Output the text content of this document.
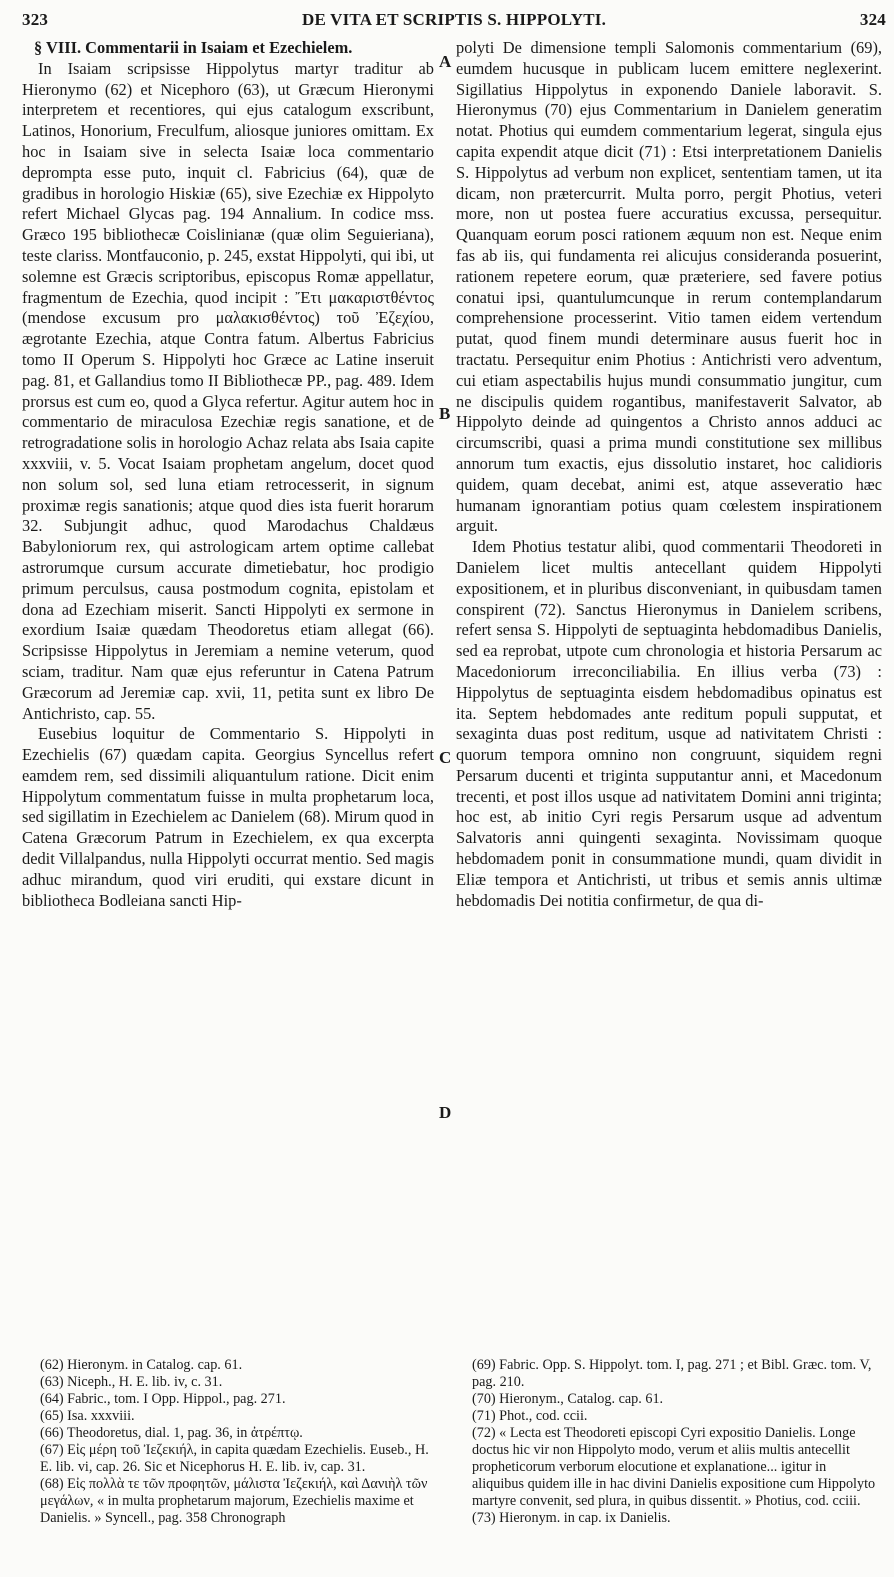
323	DE VITA ET SCRIPTIS S. HIPPOLYTI.	324
A
B
C
D

§ VIII. Commentarii in Isaiam et Ezechielem.

In Isaiam scripsisse Hippolytus martyr traditur ab Hieronymo (62) et Nicephoro (63), ut Græcum Hieronymi interpretem et recentiores, qui ejus catalogum exscribunt, Latinos, Honorium, Freculfum, aliosque juniores omittam. Ex hoc in Isaiam sive in selecta Isaiæ loca commentario deprompta esse puto, inquit cl. Fabricius (64), quæ de gradibus in horologio Hiskiæ (65), sive Ezechiæ ex Hippolyto refert Michael Glycas pag. 194 Annalium. In codice mss. Græco 195 bibliothecæ Coislinianæ (quæ olim Seguieriana), teste clariss. Montfauconio, p. 245, exstat Hippolyti, qui ibi, ut solemne est Græcis scriptoribus, episcopus Romæ appellatur, fragmentum de Ezechia, quod incipit : Ἔτι μακαριστθέντος (mendose excusum pro μαλακισθέντος) τοῦ Ἐζεχίου, ægrotante Ezechia, atque Contra fatum. Albertus Fabricius tomo II Operum S. Hippolyti hoc Græce ac Latine inseruit pag. 81, et Gallandius tomo II Bibliothecæ PP., pag. 489. Idem prorsus est cum eo, quod a Glyca refertur. Agitur autem hoc in commentario de miraculosa Ezechiæ regis sanatione, et de retrogradatione solis in horologio Achaz relata abs Isaia capite xxxviii, v. 5. Vocat Isaiam prophetam angelum, docet quod non solum sol, sed luna etiam retrocesserit, in signum proximæ regis sanationis; atque quod dies ista fuerit horarum 32. Subjungit adhuc, quod Marodachus Chaldæus Babyloniorum rex, qui astrologicam artem optime callebat astrorumque cursum accurate dimetiebatur, hoc prodigio primum perculsus, causa postmodum cognita, epistolam et dona ad Ezechiam miserit. Sancti Hippolyti ex sermone in exordium Isaiæ quædam Theodoretus etiam allegat (66). Scripsisse Hippolytus in Jeremiam a nemine veterum, quod sciam, traditur. Nam quæ ejus referuntur in Catena Patrum Græcorum ad Jeremiæ cap. xvii, 11, petita sunt ex libro De Antichristo, cap. 55.

Eusebius loquitur de Commentario S. Hippolyti in Ezechielis (67) quædam capita. Georgius Syncellus refert eamdem rem, sed dissimili aliquantulum ratione. Dicit enim Hippolytum commentatum fuisse in multa prophetarum loca, sed sigillatim in Ezechielem ac Danielem (68). Mirum quod in Catena Græcorum Patrum in Ezechielem, ex qua excerpta dedit Villalpandus, nulla Hippolyti occurrat mentio. Sed magis adhuc mirandum, quod viri eruditi, qui exstare dicunt in bibliotheca Bodleiana sancti Hip-

polyti De dimensione templi Salomonis commentarium (69), eumdem hucusque in publicam lucem emittere neglexerint. Sigillatius Hippolytus in exponendo Daniele laboravit. S. Hieronymus (70) ejus Commentarium in Danielem generatim notat. Photius qui eumdem commentarium legerat, singula ejus capita expendit atque dicit (71) : Etsi interpretationem Danielis S. Hippolytus ad verbum non explicet, sententiam tamen, ut ita dicam, non prætercurrit. Multa porro, pergit Photius, veteri more, non ut postea fuere accuratius excussa, persequitur. Quanquam eorum posci rationem æquum non est. Neque enim fas ab iis, qui fundamenta rei alicujus consideranda posuerint, rationem repetere eorum, quæ præteriere, sed favere potius conatui ipsi, quantulumcunque in rerum contemplandarum comprehensione processerint. Vitio tamen eidem vertendum putat, quod finem mundi determinare ausus fuerit hoc in tractatu. Persequitur enim Photius : Antichristi vero adventum, cui etiam aspectabilis hujus mundi consummatio jungitur, cum ne discipulis quidem rogantibus, manifestaverit Salvator, ab Hippolyto deinde ad quingentos a Christo annos adduci ac circumscribi, quasi a prima mundi constitutione sex millibus annorum tum exactis, ejus dissolutio instaret, hoc calidioris quidem, quam decebat, animi est, atque asseveratio hæc humanam ignorantiam potius quam cœlestem inspirationem arguit.

Idem Photius testatur alibi, quod commentarii Theodoreti in Danielem licet multis antecellant quidem Hippolyti expositionem, et in pluribus disconveniant, in quibusdam tamen conspirent (72). Sanctus Hieronymus in Danielem scribens, refert sensa S. Hippolyti de septuaginta hebdomadibus Danielis, sed ea reprobat, utpote cum chronologia et historia Persarum ac Macedoniorum irreconciliabilia. En illius verba (73) : Hippolytus de septuaginta eisdem hebdomadibus opinatus est ita. Septem hebdomades ante reditum populi supputat, et sexaginta duas post reditum, usque ad nativitatem Christi : quorum tempora omnino non congruunt, siquidem regni Persarum ducenti et triginta supputantur anni, et Macedonum trecenti, et post illos usque ad nativitatem Domini anni triginta; hoc est, ab initio Cyri regis Persarum usque ad adventum Salvatoris anni quingenti sexaginta. Novissimam quoque hebdomadem ponit in consummatione mundi, quam dividit in Eliæ tempora et Antichristi, ut tribus et semis annis ultimæ hebdomadis Dei notitia confirmetur, de qua di-

(62) Hieronym. in Catalog. cap. 61.
(63) Niceph., H. E. lib. iv, c. 31.
(64) Fabric., tom. I Opp. Hippol., pag. 271.
(65) Isa. xxxviii.
(66) Theodoretus, dial. 1, pag. 36, in ἀτρέπτῳ.
(67) Εἰς μέρη τοῦ Ἰεζεκιήλ, in capita quædam Ezechielis. Euseb., H. E. lib. vi, cap. 26. Sic et Nicephorus H. E. lib. iv, cap. 31.
(68) Εἰς πολλὰ τε τῶν προφητῶν, μάλιστα Ἰεζεκιήλ, καὶ Δανιὴλ τῶν μεγάλων, « in multa prophetarum majorum, Ezechielis maxime et Danielis. » Syncell., pag. 358 Chronograph
(69) Fabric. Opp. S. Hippolyt. tom. I, pag. 271 ; et Bibl. Græc. tom. V, pag. 210.
(70) Hieronym., Catalog. cap. 61.
(71) Phot., cod. ccii.
(72) « Lecta est Theodoreti episcopi Cyri expositio Danielis. Longe doctus hic vir non Hippolyto modo, verum et aliis multis antecellit propheticorum verborum elocutione et explanatione... igitur in aliquibus quidem ille in hac divini Danielis expositione cum Hippolyto martyre convenit, sed plura, in quibus dissentit. » Photius, cod. cciii.
(73) Hieronym. in cap. ix Danielis.
